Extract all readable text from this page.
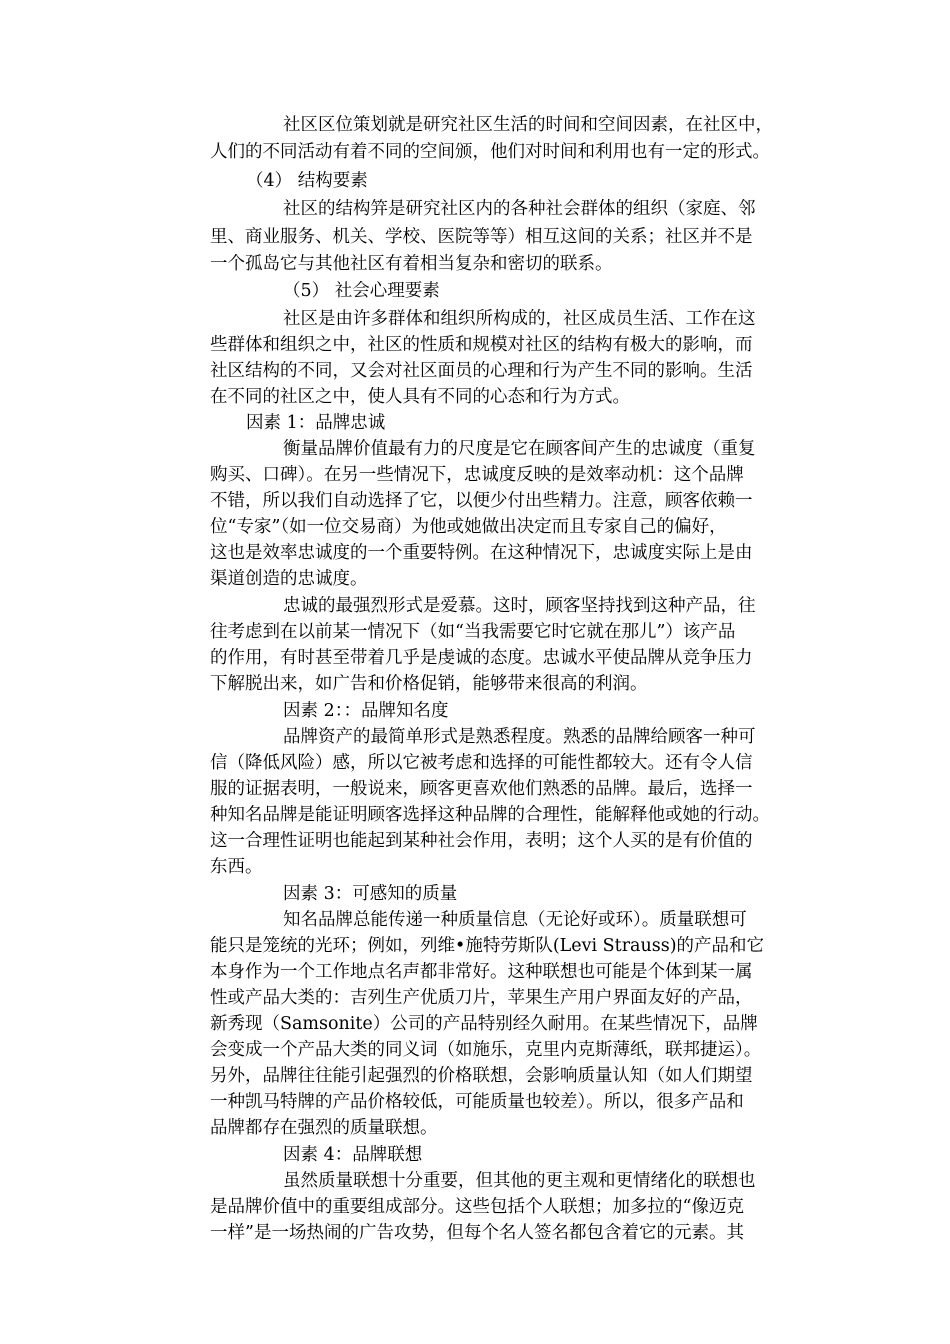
社区区位策划就是研究社区生活的时间和空间因素，在社区中，
人们的不同活动有着不同的空间颁，他们对时间和利用也有一定的形式。
（4） 结构要素
社区的结构笄是研究社区内的各种社会群体的组织（家庭、邻
里、商业服务、机关、学校、医院等等）相互这间的关系；社区并不是
一个孤岛它与其他社区有着相当复杂和密切的联系。
（5） 社会心理要素
社区是由许多群体和组织所构成的，社区成员生活、工作在这
些群体和组织之中，社区的性质和规模对社区的结构有极大的影响，而
社区结构的不同，又会对社区面员的心理和行为产生不同的影响。生活
在不同的社区之中，使人具有不同的心态和行为方式。
因素 1：品牌忠诚
衡量品牌价值最有力的尺度是它在顾客间产生的忠诚度（重复
购买、口碑）。在另一些情况下，忠诚度反映的是效率动机：这个品牌
不错，所以我们自动选择了它，以便少付出些精力。注意，顾客依赖一
位“专家”（如一位交易商）为他或她做出决定而且专家自己的偏好，
这也是效率忠诚度的一个重要特例。在这种情况下，忠诚度实际上是由
渠道创造的忠诚度。
忠诚的最强烈形式是爱慕。这时，顾客坚持找到这种产品，往
往考虑到在以前某一情况下（如“当我需要它时它就在那儿”）该产品
的作用，有时甚至带着几乎是虔诚的态度。忠诚水平使品牌从竞争压力
下解脱出来，如广告和价格促销，能够带来很高的利润。
因素 2：：品牌知名度
品牌资产的最简单形式是熟悉程度。熟悉的品牌给顾客一种可
信（降低风险）感，所以它被考虑和选择的可能性都较大。还有令人信
服的证据表明，一般说来，顾客更喜欢他们熟悉的品牌。最后，选择一
种知名品牌是能证明顾客选择这种品牌的合理性，能解释他或她的行动。
这一合理性证明也能起到某种社会作用，表明；这个人买的是有价值的
东西。
因素 3：可感知的质量
知名品牌总能传递一种质量信息（无论好或环）。质量联想可
能只是笼统的光环；例如，列维•施特劳斯队(Levi Strauss)的产品和它
本身作为一个工作地点名声都非常好。这种联想也可能是个体到某一属
性或产品大类的：吉列生产优质刀片，苹果生产用户界面友好的产品，
新秀现（Samsonite）公司的产品特别经久耐用。在某些情况下，品牌
会变成一个产品大类的同义词（如施乐，克里内克斯薄纸，联邦捷运）。
另外，品牌往往能引起强烈的价格联想，会影响质量认知（如人们期望
一种凯马特牌的产品价格较低，可能质量也较差）。所以，很多产品和
品牌都存在强烈的质量联想。
因素 4：品牌联想
虽然质量联想十分重要，但其他的更主观和更情绪化的联想也
是品牌价值中的重要组成部分。这些包括个人联想；加多拉的“像迈克
一样”是一场热闹的广告攻势，但每个名人签名都包含着它的元素。其
